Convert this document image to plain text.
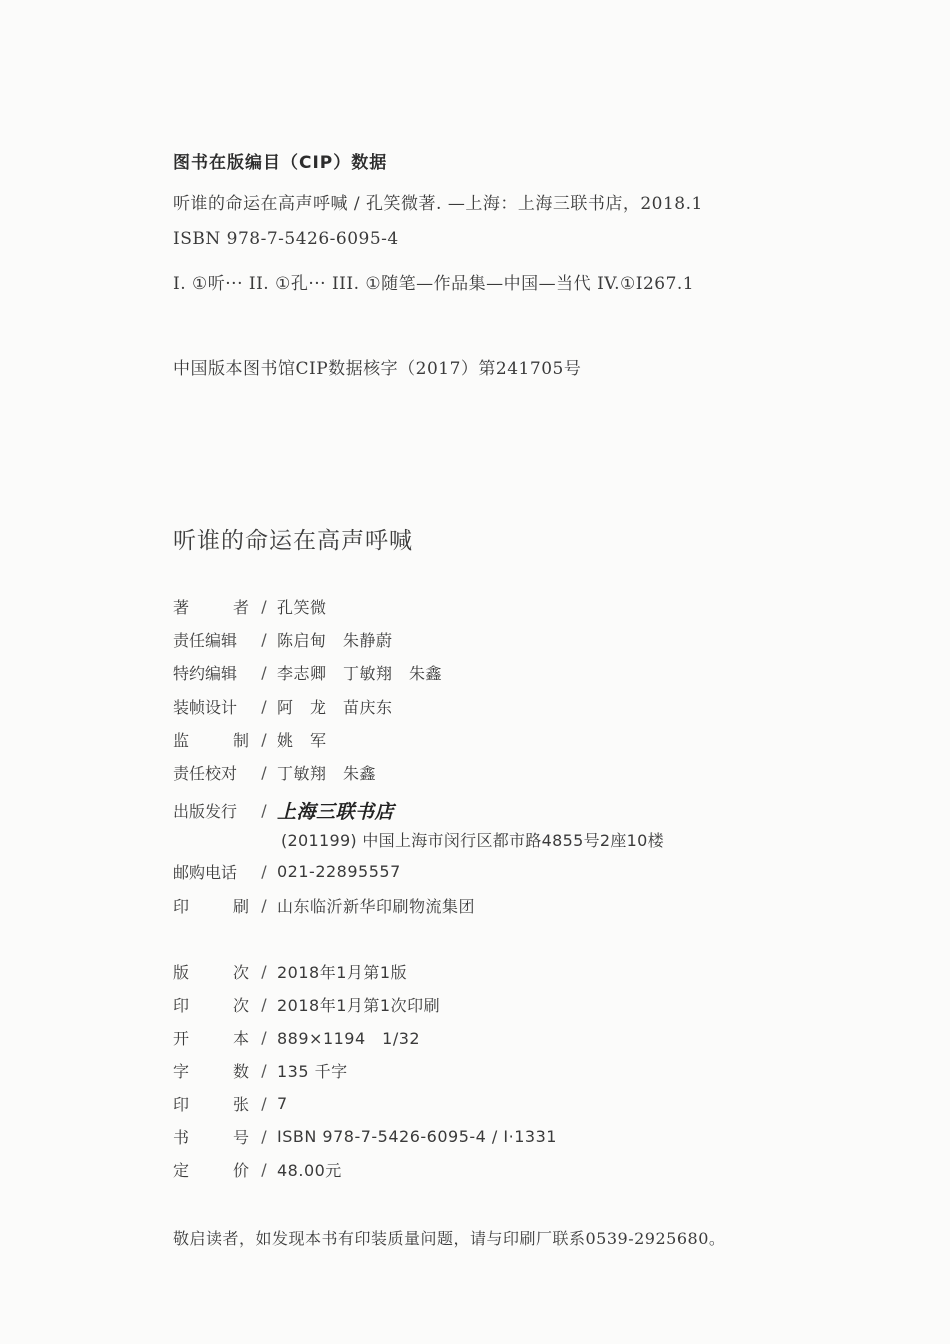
图书在版编目（CIP）数据
听谁的命运在高声呼喊 / 孔笑微著. —上海：上海三联书店，2018.1
ISBN 978-7-5426-6095-4
I. ①听··· II. ①孔··· III. ①随笔—作品集—中国—当代 IV.①I267.1
中国版本图书馆CIP数据核字（2017）第241705号
听谁的命运在高声呼喊
著	者 / 孔笑微
责任编辑 / 陈启甸　朱静蔚
特约编辑 / 李志卿　丁敏翔　朱鑫
装帧设计 / 阿　龙　苗庆东
监	制 / 姚　军
责任校对 / 丁敏翔　朱鑫
出版发行 / 上海三联书店
(201199) 中国上海市闵行区都市路4855号2座10楼
邮购电话 / 021-22895557
印	刷 / 山东临沂新华印刷物流集团
版	次 / 2018年1月第1版
印	次 / 2018年1月第1次印刷
开	本 / 889×1194　1/32
字	数 / 135 千字
印	张 / 7
书	号 / ISBN 978-7-5426-6095-4 / I·1331
定	价 / 48.00元
敬启读者，如发现本书有印装质量问题，请与印刷厂联系0539-2925680。
